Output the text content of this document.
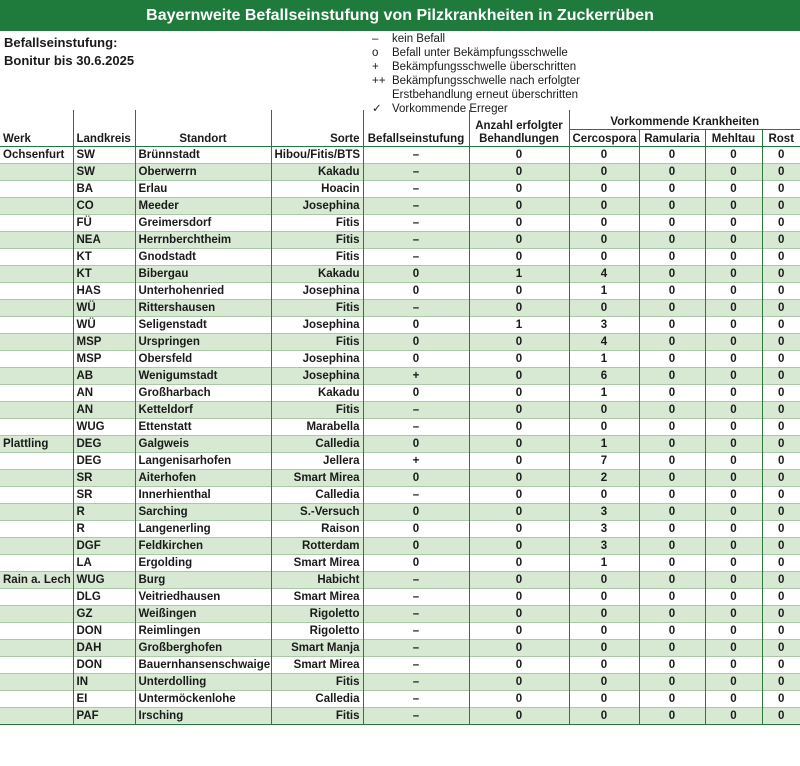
Bayernweite Befallseinstufung von Pilzkrankheiten in Zuckerrüben
Befallseinstufung:
Bonitur bis 30.6.2025
–	kein Befall
o	Befall unter Bekämpfungsschwelle
+	Bekämpfungsschwelle überschritten
++ Bekämpfungsschwelle nach erfolgter
Erstbehandlung erneut überschritten
✓ Vorkommende Erreger
Werk	Landkreis	Standort	Sorte	Befallseinstufung	Anzahl erfolgter Behandlungen	Vorkommende Krankheiten			
						Cercospora	Ramularia	Mehltau	Rost
Ochsenfurt	SW	Brünnstadt	Hibou/Fitis/BTS	–	0	0	0	0	0
	SW	Oberwerrn	Kakadu	–	0	0	0	0	0
	BA	Erlau	Hoacin	–	0	0	0	0	0
	CO	Meeder	Josephina	–	0	0	0	0	0
	FÜ	Greimersdorf	Fitis	–	0	0	0	0	0
	NEA	Herrnberchtheim	Fitis	–	0	0	0	0	0
	KT	Gnodstadt	Fitis	–	0	0	0	0	0
	KT	Bibergau	Kakadu	0	1	4	0	0	0
	HAS	Unterhohenried	Josephina	0	0	1	0	0	0
	WÜ	Rittershausen	Fitis	–	0	0	0	0	0
	WÜ	Seligenstadt	Josephina	0	1	3	0	0	0
	MSP	Urspringen	Fitis	0	0	4	0	0	0
	MSP	Obersfeld	Josephina	0	0	1	0	0	0
	AB	Wenigumstadt	Josephina	+	0	6	0	0	0
	AN	Großharbach	Kakadu	0	0	1	0	0	0
	AN	Ketteldorf	Fitis	–	0	0	0	0	0
	WUG	Ettenstatt	Marabella	–	0	0	0	0	0
Plattling	DEG	Galgweis	Calledia	0	0	1	0	0	0
	DEG	Langenisarhofen	Jellera	+	0	7	0	0	0
	SR	Aiterhofen	Smart Mirea	0	0	2	0	0	0
	SR	Innerhienthal	Calledia	–	0	0	0	0	0
	R	Sarching	S.-Versuch	0	0	3	0	0	0
	R	Langenerling	Raison	0	0	3	0	0	0
	DGF	Feldkirchen	Rotterdam	0	0	3	0	0	0
	LA	Ergolding	Smart Mirea	0	0	1	0	0	0
Rain a. Lech	WUG	Burg	Habicht	–	0	0	0	0	0
	DLG	Veitriedhausen	Smart Mirea	–	0	0	0	0	0
	GZ	Weißingen	Rigoletto	–	0	0	0	0	0
	DON	Reimlingen	Rigoletto	–	0	0	0	0	0
	DAH	Großberghofen	Smart Manja	–	0	0	0	0	0
	DON	Bauernhansenschwaige	Smart Mirea	–	0	0	0	0	0
	IN	Unterdolling	Fitis	–	0	0	0	0	0
	EI	Untermöckenlohe	Calledia	–	0	0	0	0	0
	PAF	Irsching	Fitis	–	0	0	0	0	0
